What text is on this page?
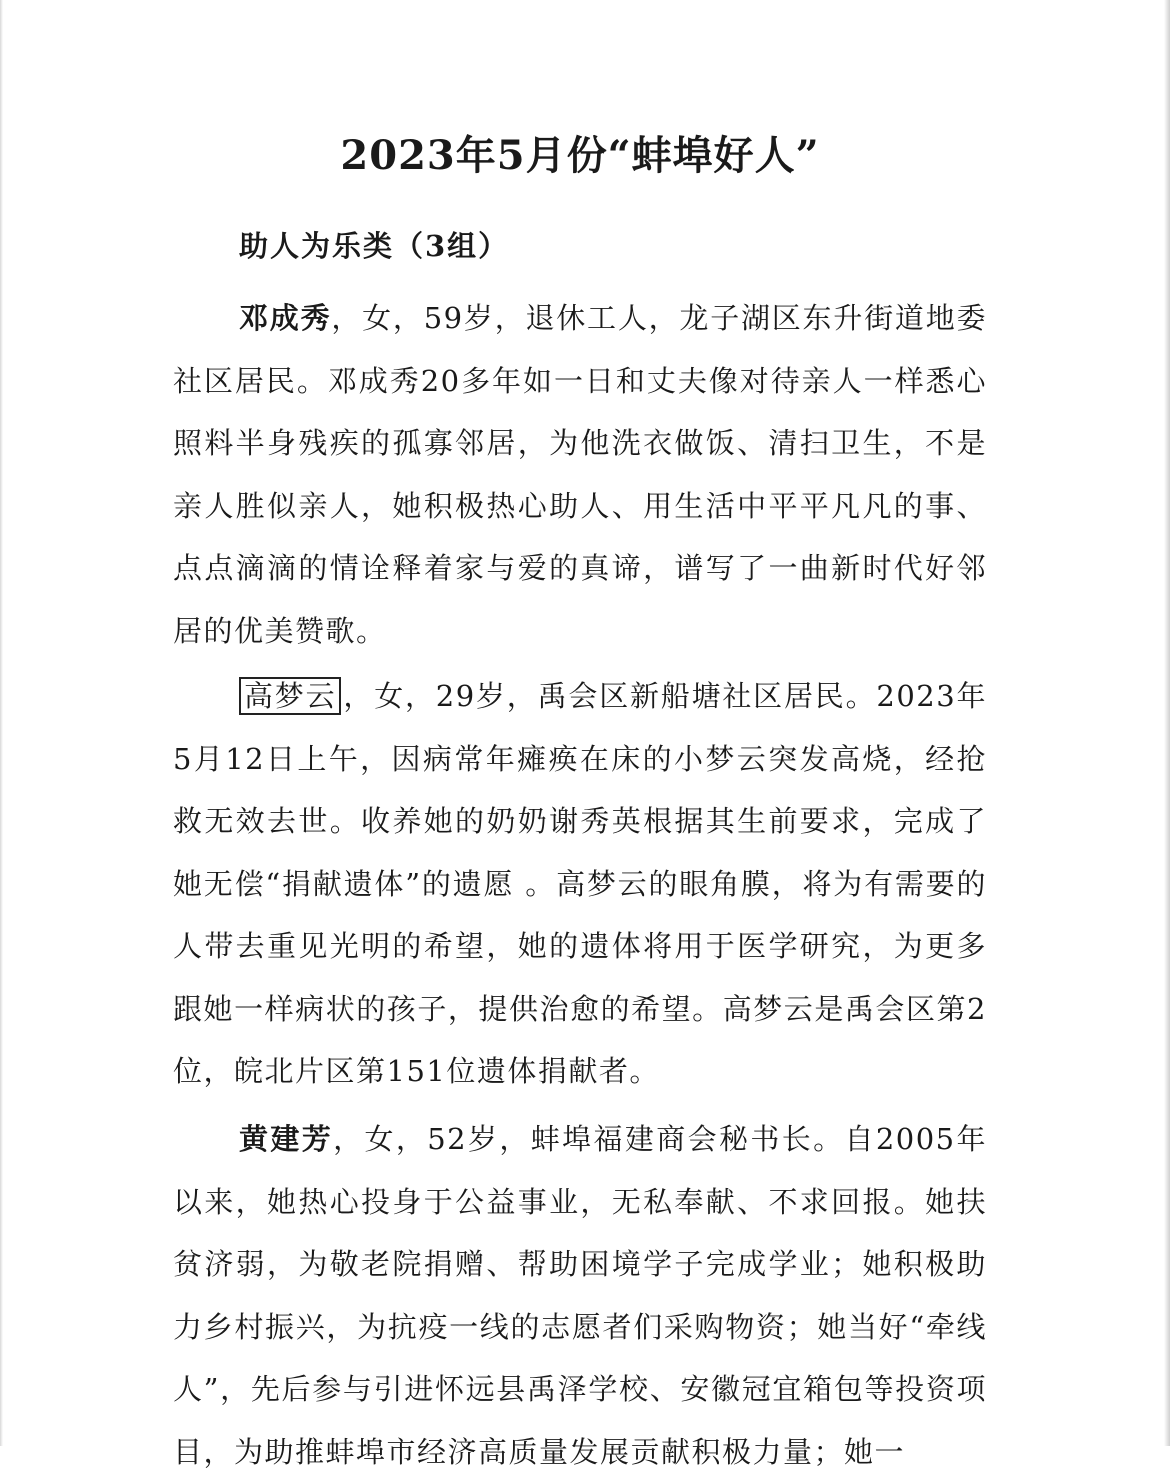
2023年5月份“蚌埠好人”
助人为乐类（3组）

邓成秀，女，59岁，退休工人，龙子湖区东升街道地委社区居民。邓成秀20多年如一日和丈夫像对待亲人一样悉心照料半身残疾的孤寡邻居，为他洗衣做饭、清扫卫生，不是亲人胜似亲人，她积极热心助人、用生活中平平凡凡的事、点点滴滴的情诠释着家与爱的真谛，谱写了一曲新时代好邻居的优美赞歌。

高梦云 ，女，29岁，禹会区新船塘社区居民。2023年5月12日上午，因病常年瘫痪在床的小梦云突发高烧，经抢救无效去世。收养她的奶奶谢秀英根据其生前要求，完成了她无偿“捐献遗体”的遗愿 。高梦云的眼角膜，将为有需要的人带去重见光明的希望，她的遗体将用于医学研究，为更多跟她一样病状的孩子，提供治愈的希望。高梦云是禹会区第2位，皖北片区第151位遗体捐献者。

黄建芳，女，52岁，蚌埠福建商会秘书长。自2005年以来，她热心投身于公益事业，无私奉献、不求回报。她扶贫济弱，为敬老院捐赠、帮助困境学子完成学业；她积极助力乡村振兴，为抗疫一线的志愿者们采购物资；她当好“牵线人”，先后参与引进怀远县禹泽学校、安徽冠宜箱包等投资项目，为助推蚌埠市经济高质量发展贡献积极力量；她一
